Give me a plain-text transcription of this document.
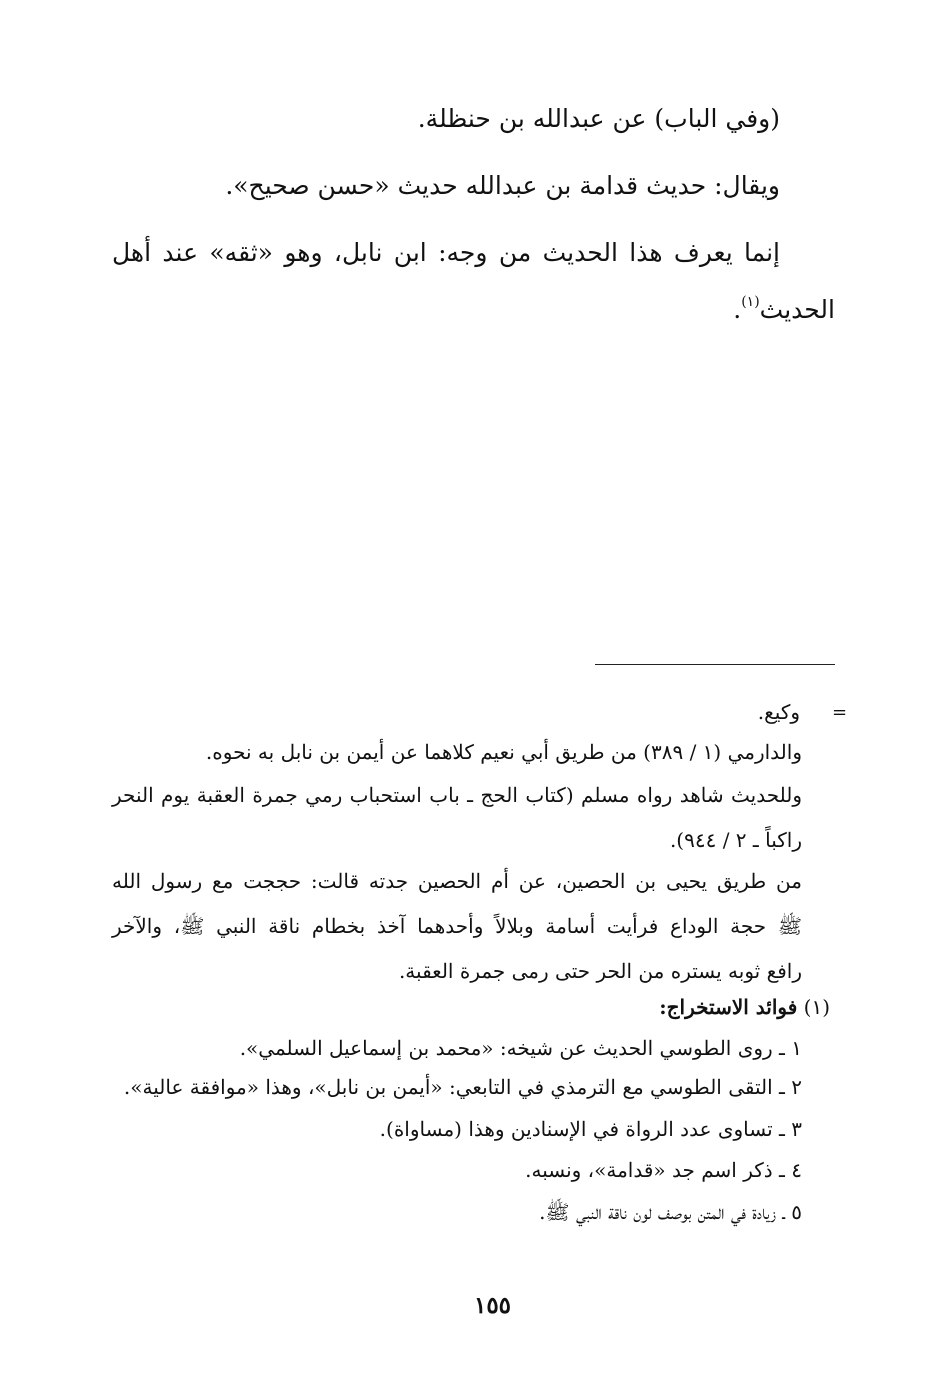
(وفي الباب) عن عبدالله بن حنظلة.
ويقال: حديث قدامة بن عبدالله حديث «حسن صحيح».
إنما يعرف هذا الحديث من وجه: ابن نابل، وهو «ثقه» عند أهل
الحديث$^{(١)}$.
=
وكيع.
والدارمي (١ / ٣٨٩) من طريق أبي نعيم كلاهما عن أيمن بن نابل به نحوه.
وللحديث شاهد رواه مسلم (كتاب الحج ـ باب استحباب رمي جمرة العقبة يوم النحر
راكباً ـ ٢ / ٩٤٤).
من طريق يحيى بن الحصين، عن أم الحصين جدته قالت: حججت مع رسول الله
ﷺ حجة الوداع فرأيت أسامة وبلالاً وأحدهما آخذ بخطام ناقة النبي ﷺ، والآخر
رافع ثوبه يستره من الحر حتى رمى جمرة العقبة.
(١) فوائد الاستخراج:
١ ـ روى الطوسي الحديث عن شيخه: «محمد بن إسماعيل السلمي».
٢ ـ التقى الطوسي مع الترمذي في التابعي: «أيمن بن نابل»، وهذا «موافقة عالية».
٣ ـ تساوى عدد الرواة في الإسنادين وهذا (مساواة).
٤ ـ ذكر اسم جد «قدامة»، ونسبه.
٥ ـ زيادة في المتن بوصف لون ناقة النبي ﷺ.
١٥٥
